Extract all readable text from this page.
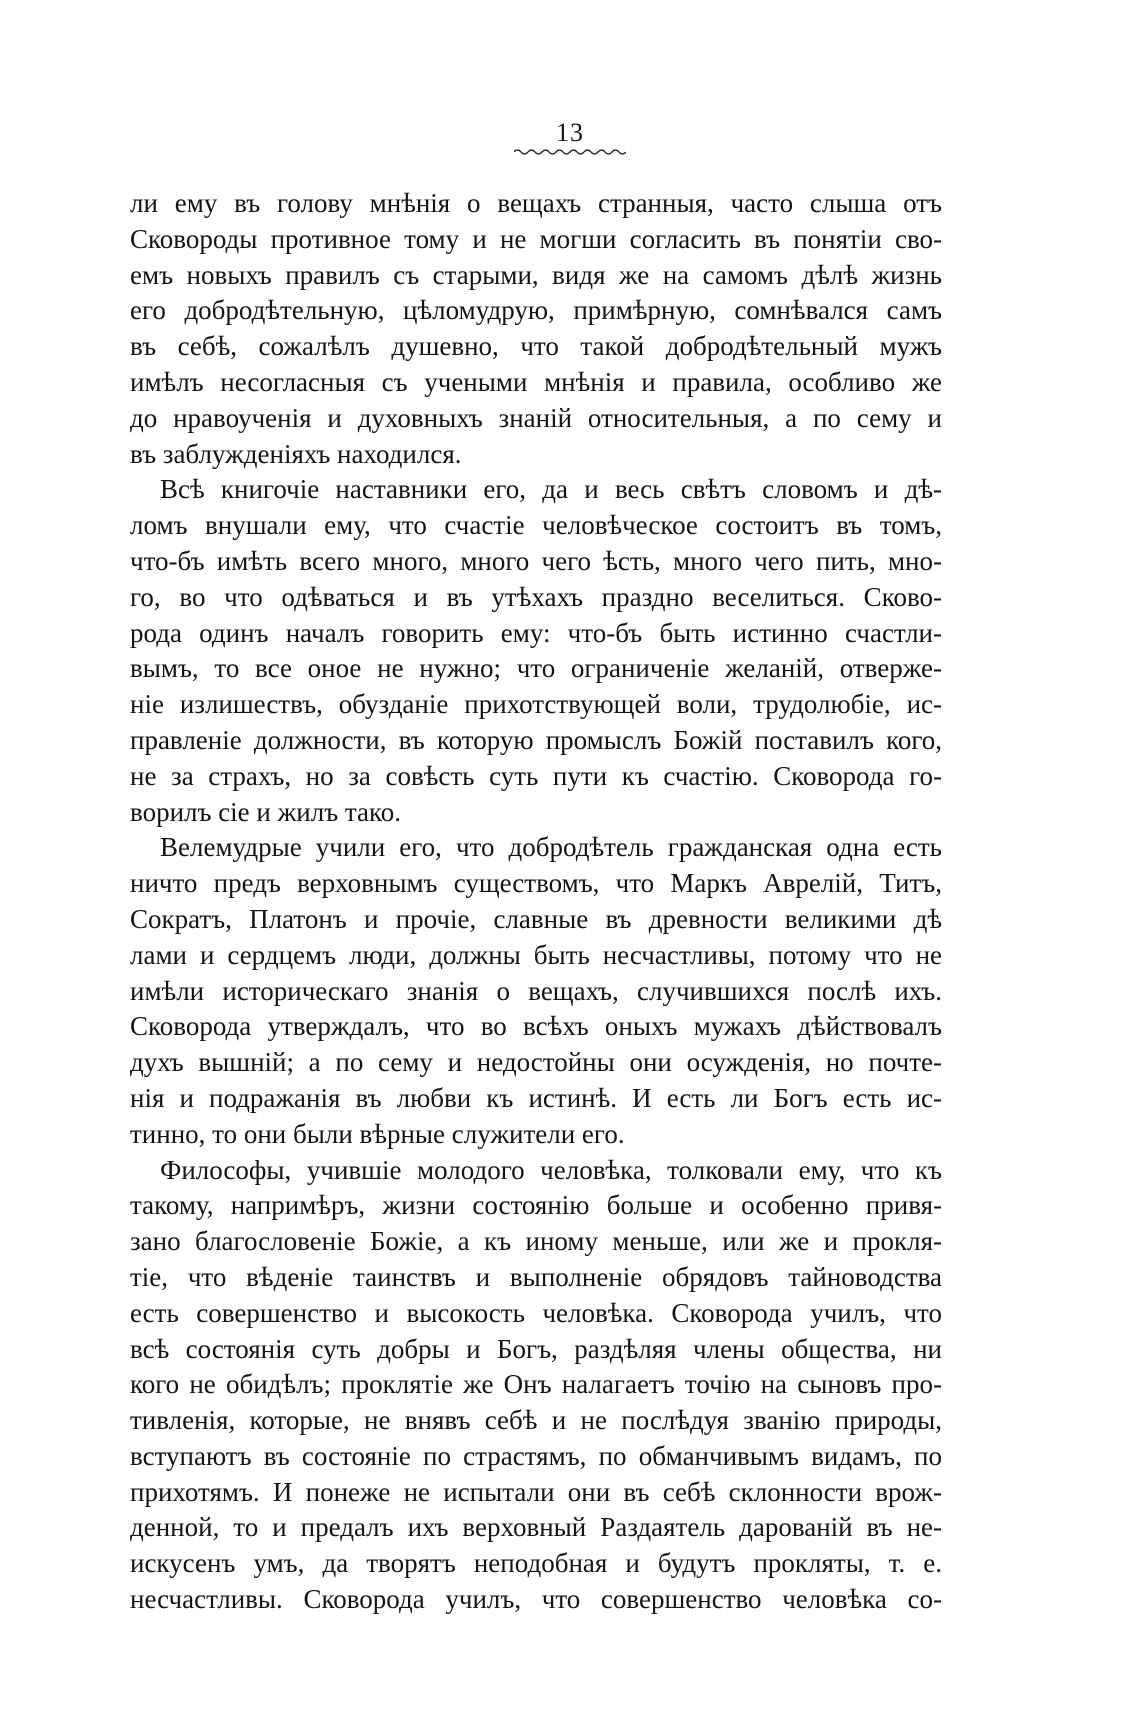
13
ли ему въ голову мнѣнія о вещахъ странныя, часто слыша отъ
Сковороды противное тому и не могши согласить въ понятіи сво-
емъ новыхъ правилъ съ старыми, видя же на самомъ дѣлѣ жизнь
его добродѣтельную, цѣломудрую, примѣрную, сомнѣвался самъ
въ себѣ, сожалѣлъ душевно, что такой добродѣтельный мужъ
имѣлъ несогласныя съ учеными мнѣнія и правила, особливо же
до нравоученія и духовныхъ знаній относительныя, а по сему и
въ заблужденіяхъ находился.
Всѣ книгочіе наставники его, да и весь свѣтъ словомъ и дѣ-
ломъ внушали ему, что счастіе человѣческое состоитъ въ томъ,
что-бъ имѣть всего много, много чего ѣсть, много чего пить, мно-
го, во что одѣваться и въ утѣхахъ праздно веселиться. Сково-
рода одинъ началъ говорить ему: что-бъ быть истинно счастли-
вымъ, то все оное не нужно; что ограниченіе желаній, отверже-
ніе излишествъ, обузданіе прихотствующей воли, трудолюбіе, ис-
правленіе должности, въ которую промыслъ Божій поставилъ кого,
не за страхъ, но за совѣсть суть пути къ счастію. Сковорода го-
ворилъ сіе и жилъ тако.
Велемудрые учили его, что добродѣтель гражданская одна есть
ничто предъ верховнымъ существомъ, что Маркъ Аврелій, Титъ,
Сократъ, Платонъ и прочіе, славные въ древности великими дѣ
лами и сердцемъ люди, должны быть несчастливы, потому что не
имѣли историческаго знанія о вещахъ, случившихся послѣ ихъ.
Сковорода утверждалъ, что во всѣхъ оныхъ мужахъ дѣйствовалъ
духъ вышній; а по сему и недостойны они осужденія, но почте-
нія и подражанія въ любви къ истинѣ. И есть ли Богъ есть ис-
тинно, то они были вѣрные служители его.
Философы, учившіе молодого человѣка, толковали ему, что къ
такому, напримѣръ, жизни состоянію больше и особенно привя-
зано благословеніе Божіе, а къ иному меньше, или же и прокля-
тіе, что вѣденіе таинствъ и выполненіе обрядовъ тайноводства
есть совершенство и высокость человѣка. Сковорода училъ, что
всѣ состоянія суть добры и Богъ, раздѣляя члены общества, ни
кого не обидѣлъ; проклятіе же Онъ налагаетъ точію на сыновъ про-
тивленія, которые, не внявъ себѣ и не послѣдуя званію природы,
вступаютъ въ состояніе по страстямъ, по обманчивымъ видамъ, по
прихотямъ. И понеже не испытали они въ себѣ склонности врож-
денной, то и предалъ ихъ верховный Раздаятель дарованій въ не-
искусенъ умъ, да творятъ неподобная и будутъ прокляты, т. е.
несчастливы. Сковорода училъ, что совершенство человѣка со-
